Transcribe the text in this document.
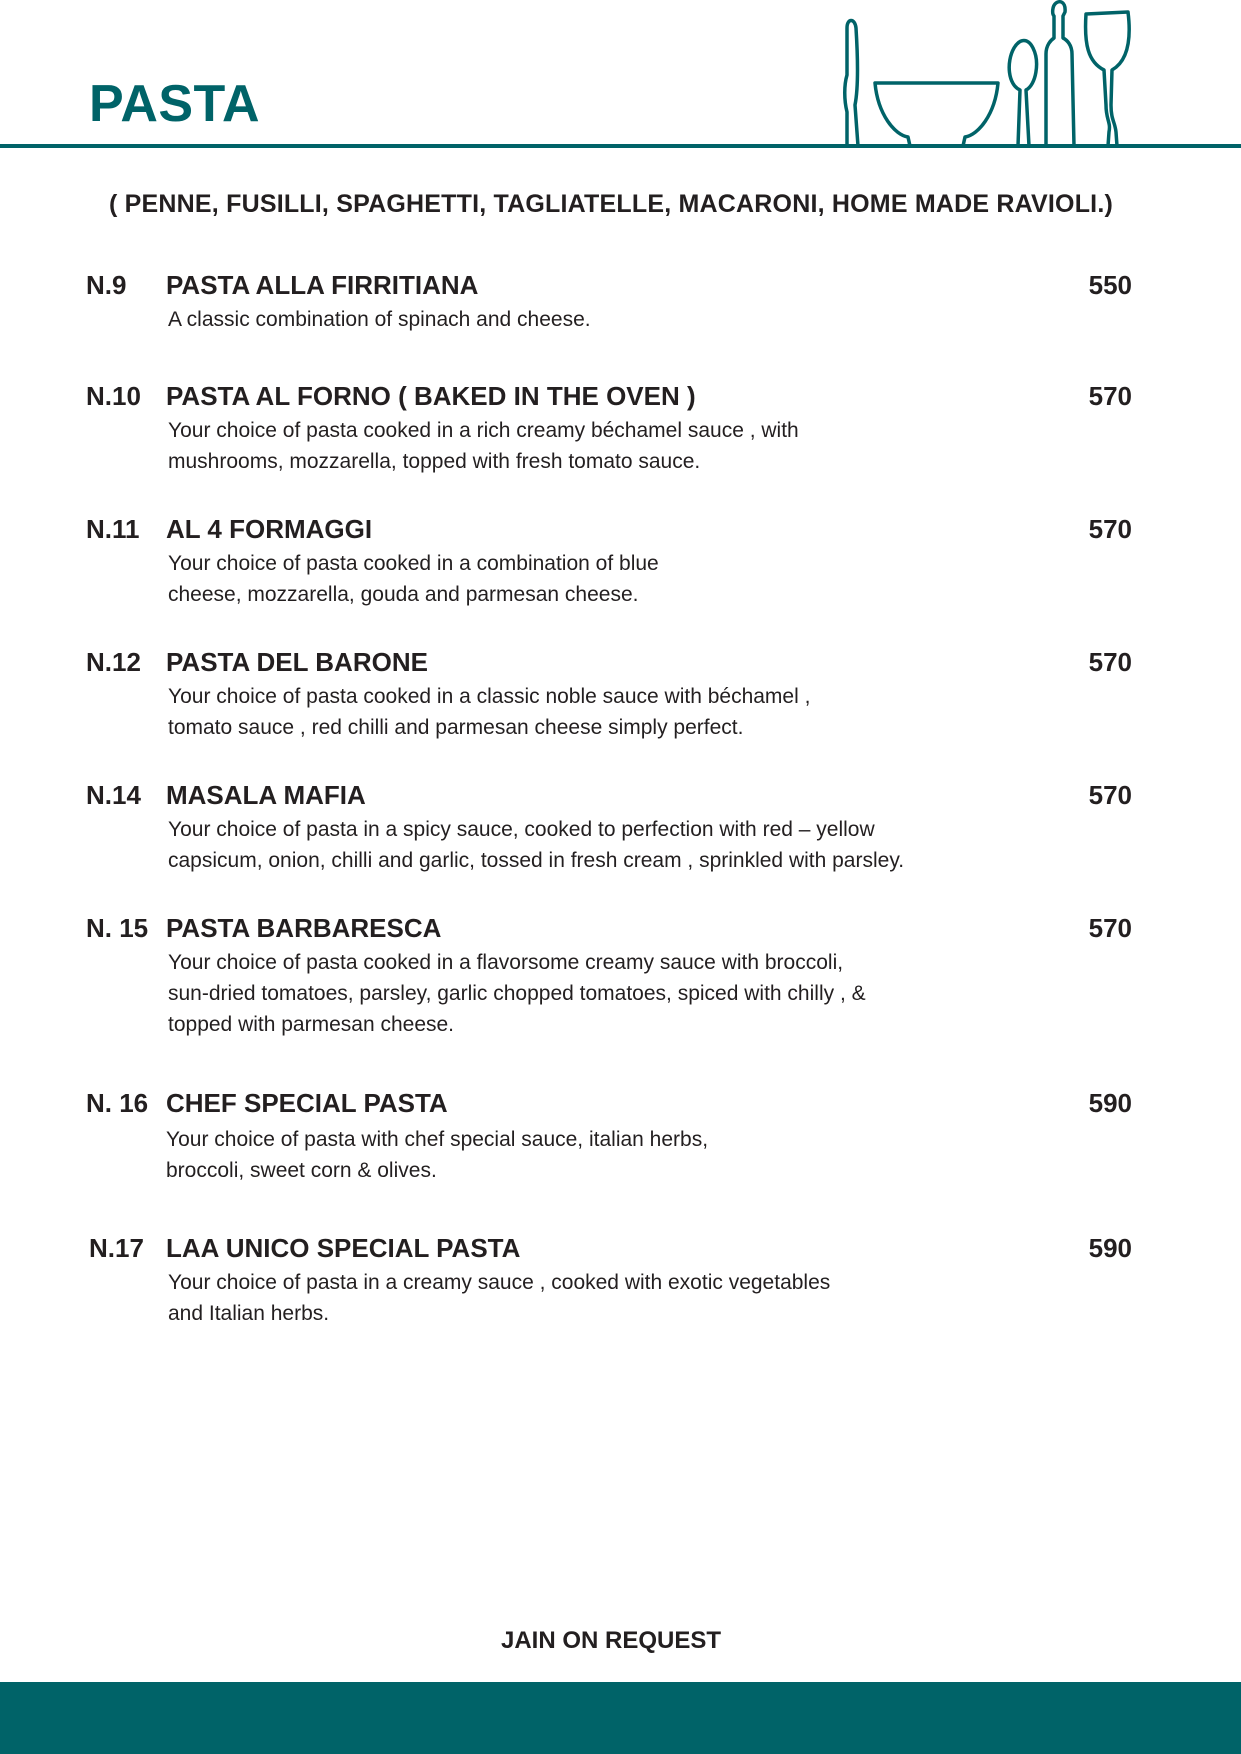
PASTA
( PENNE, FUSILLI, SPAGHETTI, TAGLIATELLE, MACARONI, HOME MADE RAVIOLI.)
N.9	PASTA ALLA FIRRITIANA	550
A classic combination of spinach and cheese.
N.10 PASTA AL FORNO ( BAKED IN THE OVEN )	570
Your choice of pasta cooked in a rich creamy béchamel sauce , with
mushrooms, mozzarella, topped with fresh tomato sauce.
N.11	AL 4 FORMAGGI	570
Your choice of pasta cooked in a combination of blue
cheese, mozzarella, gouda and parmesan cheese.
N.12 PASTA DEL BARONE	570
Your choice of pasta cooked in a classic noble sauce with béchamel ,
tomato sauce , red chilli and parmesan cheese simply perfect.
N.14 MASALA MAFIA	570
Your choice of pasta in a spicy sauce, cooked to perfection with red – yellow
capsicum, onion, chilli and garlic, tossed in fresh cream , sprinkled with parsley.
N. 15 PASTA BARBARESCA	570
Your choice of pasta cooked in a flavorsome creamy sauce with broccoli,
sun-dried tomatoes, parsley, garlic chopped tomatoes, spiced with chilly , &
topped with parmesan cheese.
N. 16 CHEF SPECIAL PASTA	590
Your choice of pasta with chef special sauce, italian herbs,
broccoli, sweet corn & olives.
N.17 LAA UNICO SPECIAL PASTA	590
Your choice of pasta in a creamy sauce , cooked with exotic vegetables
and Italian herbs.
JAIN ON REQUEST
